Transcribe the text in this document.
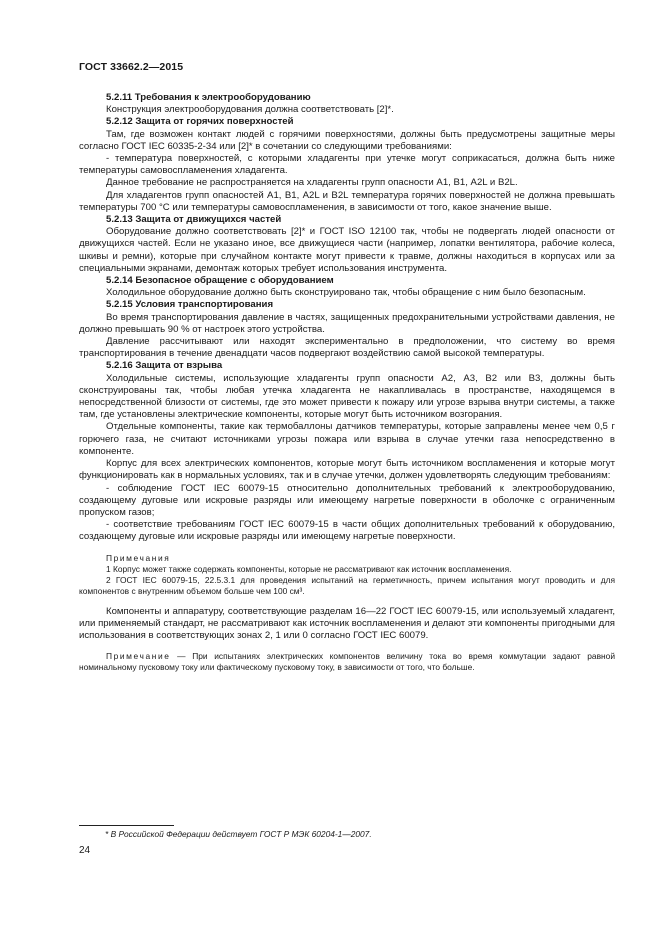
ГОСТ 33662.2—2015

5.2.11 Требования к электрооборудованию

Конструкция электрооборудования должна соответствовать [2]*.

5.2.12 Защита от горячих поверхностей

Там, где возможен контакт людей с горячими поверхностями, должны быть предусмотрены защитные меры согласно ГОСТ IEC 60335-2-34 или [2]* в сочетании со следующими требованиями:

- температура поверхностей, с которыми хладагенты при утечке могут соприкасаться, должна быть ниже температуры самовоспламенения хладагента.

Данное требование не распространяется на хладагенты групп опасности А1, В1, А2L и В2L.

Для хладагентов групп опасностей А1, В1, А2L и В2L температура горячих поверхностей не должна превышать температуры 700 °С или температуры самовоспламенения, в зависимости от того, какое значение выше.

5.2.13 Защита от движущихся частей

Оборудование должно соответствовать [2]* и ГОСТ ISO 12100 так, чтобы не подвергать людей опасности от движущихся частей. Если не указано иное, все движущиеся части (например, лопатки вентилятора, рабочие колеса, шкивы и ремни), которые при случайном контакте могут привести к травме, должны находиться в корпусах или за специальными экранами, демонтаж которых требует использования инструмента.

5.2.14 Безопасное обращение с оборудованием

Холодильное оборудование должно быть сконструировано так, чтобы обращение с ним было безопасным.

5.2.15 Условия транспортирования

Во время транспортирования давление в частях, защищенных предохранительными устройствами давления, не должно превышать 90 % от настроек этого устройства.

Давление рассчитывают или находят экспериментально в предположении, что систему во время транспортирования в течение двенадцати часов подвергают воздействию самой высокой температуры.

5.2.16 Защита от взрыва

Холодильные системы, использующие хладагенты групп опасности А2, А3, В2 или В3, должны быть сконструированы так, чтобы любая утечка хладагента не накапливалась в пространстве, находящемся в непосредственной близости от системы, где это может привести к пожару или угрозе взрыва внутри системы, а также там, где установлены электрические компоненты, которые могут быть источником возгорания.

Отдельные компоненты, такие как термобаллоны датчиков температуры, которые заправлены менее чем 0,5 г горючего газа, не считают источниками угрозы пожара или взрыва в случае утечки газа непосредственно в компоненте.

Корпус для всех электрических компонентов, которые могут быть источником воспламенения и которые могут функционировать как в нормальных условиях, так и в случае утечки, должен удовлетворять следующим требованиям:

- соблюдение ГОСТ IEC 60079-15 относительно дополнительных требований к электрооборудованию, создающему дуговые или искровые разряды или имеющему нагретые поверхности в оболочке с ограниченным пропуском газов;

- соответствие требованиям ГОСТ IEC 60079-15 в части общих дополнительных требований к оборудованию, создающему дуговые или искровые разряды или имеющему нагретые поверхности.

Примечания

1 Корпус может также содержать компоненты, которые не рассматривают как источник воспламенения.

2 ГОСТ IEC 60079-15, 22.5.3.1 для проведения испытаний на герметичность, причем испытания могут проводить и для компонентов с внутренним объемом больше чем 100 см³.

Компоненты и аппаратуру, соответствующие разделам 16—22 ГОСТ IEC 60079-15, или используемый хладагент, или применяемый стандарт, не рассматривают как источник воспламенения и делают эти компоненты пригодными для использования в соответствующих зонах 2, 1 или 0 согласно ГОСТ IEC 60079.

Примечание — При испытаниях электрических компонентов величину тока во время коммутации задают равной номинальному пусковому току или фактическому пусковому току, в зависимости от того, что больше.

* В Российской Федерации действует ГОСТ Р МЭК 60204-1—2007.
24
